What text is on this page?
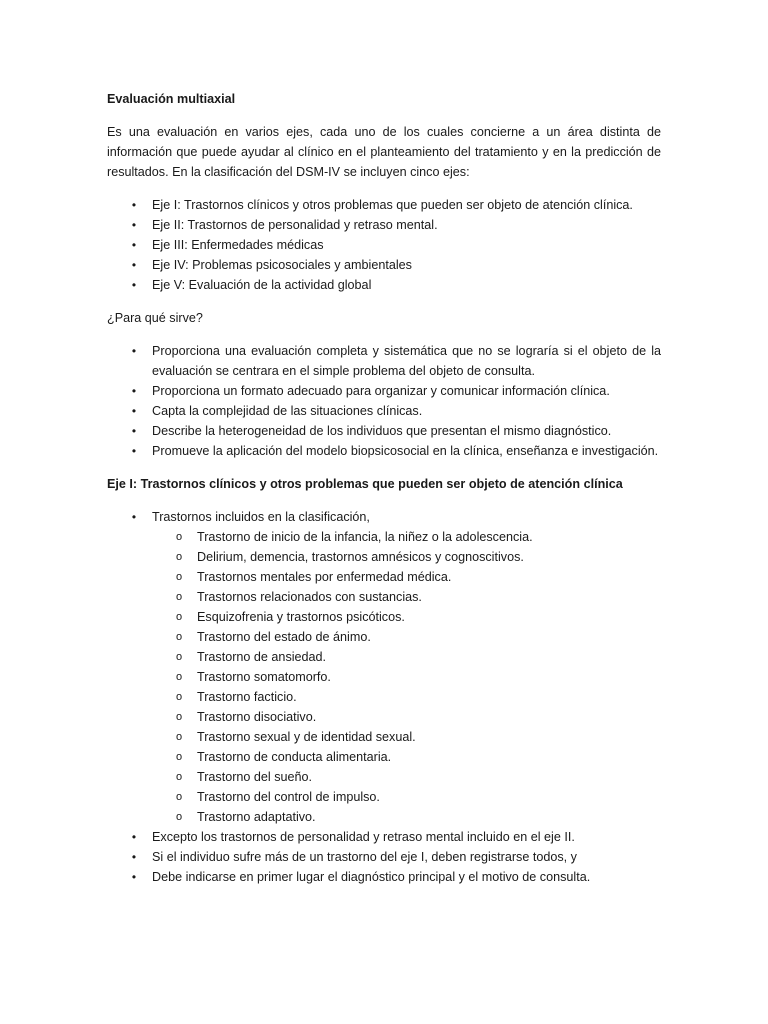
Evaluación multiaxial

Es una evaluación en varios ejes, cada uno de los cuales concierne a un área distinta de información que puede ayudar al clínico en el planteamiento del tratamiento y en la predicción de resultados. En la clasificación del DSM-IV se incluyen cinco ejes:

• Eje I: Trastornos clínicos y otros problemas que pueden ser objeto de atención clínica.
• Eje II: Trastornos de personalidad y retraso mental.
• Eje III: Enfermedades médicas
• Eje IV: Problemas psicosociales y ambientales
• Eje V: Evaluación de la actividad global

¿Para qué sirve?

• Proporciona una evaluación completa y sistemática que no se lograría si el objeto de la evaluación se centrara en el simple problema del objeto de consulta.
• Proporciona un formato adecuado para organizar y comunicar información clínica.
• Capta la complejidad de las situaciones clínicas.
• Describe la heterogeneidad de los individuos que presentan el mismo diagnóstico.
• Promueve la aplicación del modelo biopsicosocial en la clínica, enseñanza e investigación.

Eje I: Trastornos clínicos y otros problemas que pueden ser objeto de atención clínica

• Trastornos incluidos en la clasificación,
o Trastorno de inicio de la infancia, la niñez o la adolescencia.
o Delirium, demencia, trastornos amnésicos y cognoscitivos.
o Trastornos mentales por enfermedad médica.
o Trastornos relacionados con sustancias.
o Esquizofrenia y trastornos psicóticos.
o Trastorno del estado de ánimo.
o Trastorno de ansiedad.
o Trastorno somatomorfo.
o Trastorno facticio.
o Trastorno disociativo.
o Trastorno sexual y de identidad sexual.
o Trastorno de conducta alimentaria.
o Trastorno del sueño.
o Trastorno del control de impulso.
o Trastorno adaptativo.
• Excepto los trastornos de personalidad y retraso mental incluido en el eje II.
• Si el individuo sufre más de un trastorno del eje I, deben registrarse todos, y
• Debe indicarse en primer lugar el diagnóstico principal y el motivo de consulta.
